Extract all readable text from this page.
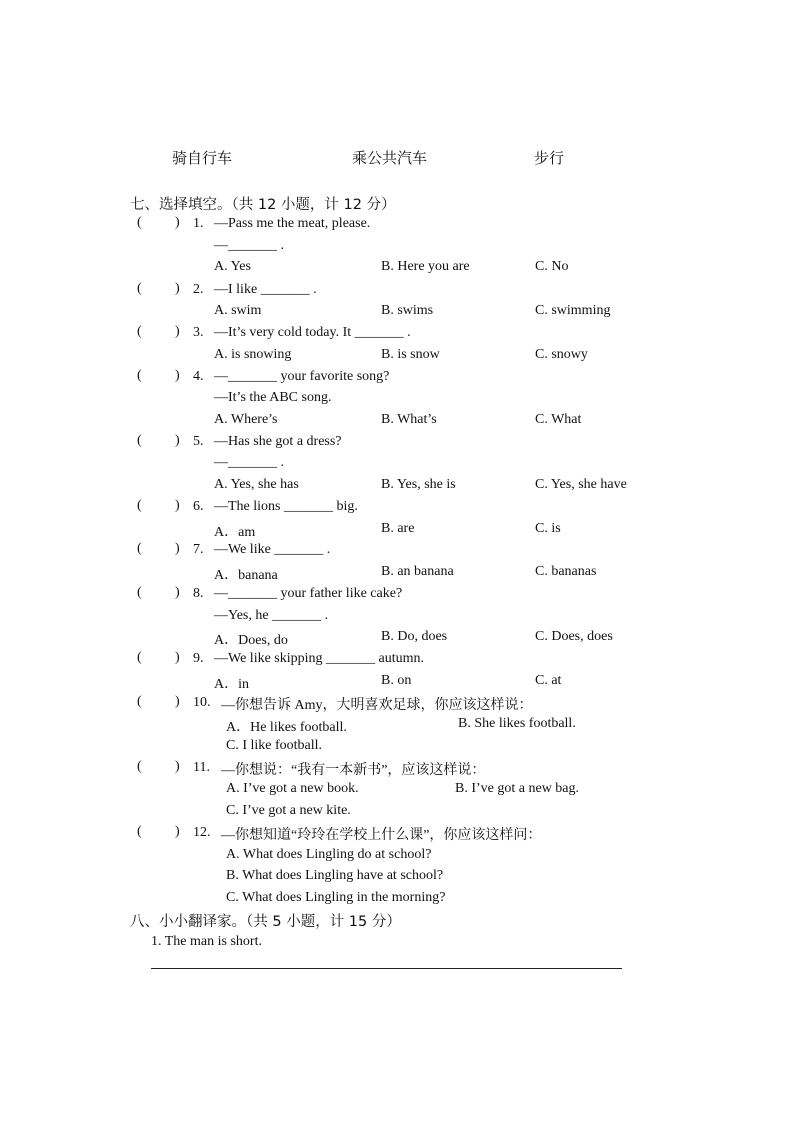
骑自行车	乘公共汽车	步行
七、选择填空。（共 12 小题，计 12 分）
( ) 1. —Pass me the meat, please.
—_______ .
A. Yes	B. Here you are	C. No
( ) 2. —I like _______ .
A. swim	B. swims	C. swimming
( ) 3. —It’s very cold today. It _______ .
A. is snowing	B. is snow	C. snowy
( ) 4. —_______ your favorite song?
—It’s the ABC song.
A. Where’s	B. What’s	C. What
( ) 5. —Has she got a dress?
—_______ .
A. Yes, she has	B. Yes, she is	C. Yes, she have
( ) 6. —The lions _______ big.
A．am	B. are	C. is
( ) 7. —We like _______ .
A．banana	B. an banana	C. bananas
( ) 8. —_______ your father like cake?
—Yes, he _______ .
A．Does, do	B. Do, does	C. Does, does
( ) 9. —We like skipping _______ autumn.
A．in	B. on	C. at
( ) 10. —你想告诉 Amy，大明喜欢足球，你应该这样说：
A．He likes football.	B. She likes football.
C. I like football.
( ) 11. —你想说：“我有一本新书”，应该这样说：
A. I’ve got a new book.	B. I’ve got a new bag.
C. I’ve got a new kite.
( ) 12. —你想知道“玲玲在学校上什么课”，你应该这样问：
A. What does Lingling do at school?
B. What does Lingling have at school?
C. What does Lingling in the morning?
八、小小翻译家。（共 5 小题，计 15 分）
1. The man is short.
